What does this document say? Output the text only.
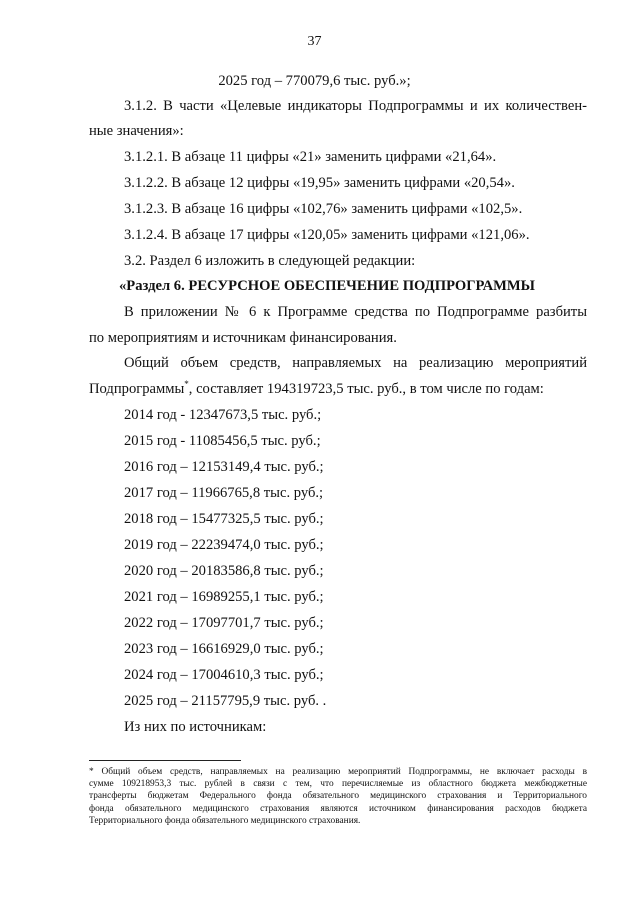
37
2025 год – 770079,6 тыс. руб.»;
3.1.2. В части «Целевые индикаторы Подпрограммы и их количествен-
ные значения»:
3.1.2.1. В абзаце 11 цифры «21» заменить цифрами «21,64».
3.1.2.2. В абзаце 12 цифры «19,95» заменить цифрами «20,54».
3.1.2.3. В абзаце 16 цифры «102,76» заменить цифрами «102,5».
3.1.2.4. В абзаце 17 цифры «120,05» заменить цифрами «121,06».
3.2. Раздел 6 изложить в следующей редакции:
«Раздел 6. РЕСУРСНОЕ ОБЕСПЕЧЕНИЕ ПОДПРОГРАММЫ
В приложении № 6 к Программе средства по Подпрограмме разбиты
по мероприятиям и источникам финансирования.
Общий объем средств, направляемых на реализацию мероприятий
Подпрограммы*, составляет 194319723,5 тыс. руб., в том числе по годам:
2014 год - 12347673,5 тыс. руб.;
2015 год - 11085456,5 тыс. руб.;
2016 год – 12153149,4 тыс. руб.;
2017 год – 11966765,8 тыс. руб.;
2018 год – 15477325,5 тыс. руб.;
2019 год – 22239474,0 тыс. руб.;
2020 год – 20183586,8 тыс. руб.;
2021 год – 16989255,1 тыс. руб.;
2022 год – 17097701,7 тыс. руб.;
2023 год – 16616929,0 тыс. руб.;
2024 год – 17004610,3 тыс. руб.;
2025 год – 21157795,9 тыс. руб. .
Из них по источникам:
* Общий объем средств, направляемых на реализацию мероприятий Подпрограммы, не включает расходы в
сумме 109218953,3 тыс. рублей в связи с тем, что перечисляемые из областного бюджета межбюджетные
трансферты бюджетам Федерального фонда обязательного медицинского страхования и Территориального
фонда обязательного медицинского страхования являются источником финансирования расходов бюджета
Территориального фонда обязательного медицинского страхования.
